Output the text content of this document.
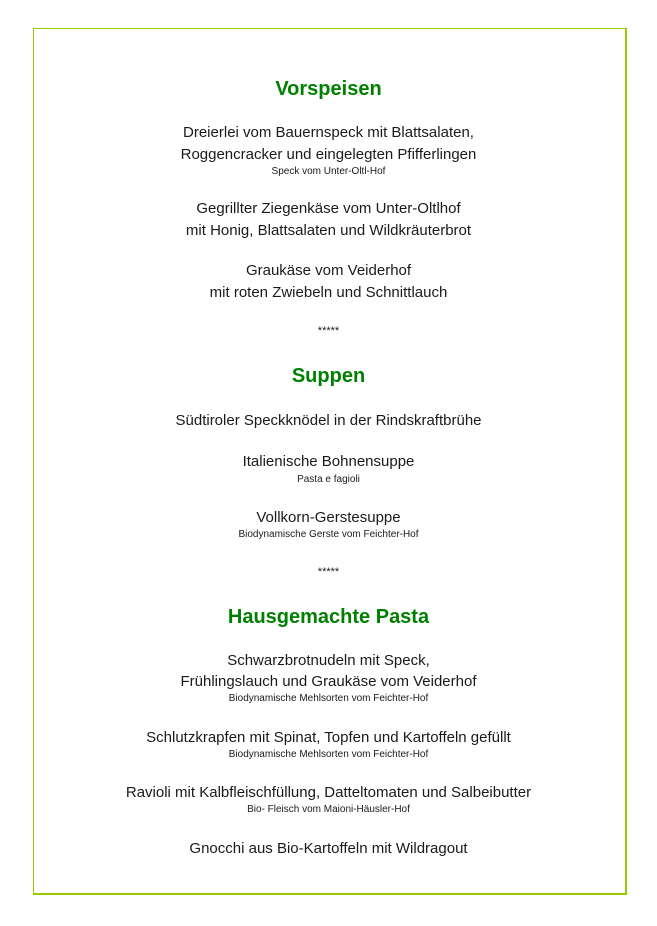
Vorspeisen
Dreierlei vom Bauernspeck mit Blattsalaten,
Roggencracker und eingelegten Pfifferlingen
Speck vom Unter-Oltl-Hof
Gegrillter Ziegenkäse vom Unter-Oltlhof
mit Honig, Blattsalaten und Wildkräuterbrot
Graukäse vom Veiderhof
mit roten Zwiebeln und Schnittlauch
*****
Suppen
Südtiroler Speckknödel in der Rindskraftbrühe
Italienische Bohnensuppe
Pasta e fagioli
Vollkorn-Gerstesuppe
Biodynamische Gerste vom Feichter-Hof
*****
Hausgemachte Pasta
Schwarzbrotnudeln mit Speck,
Frühlingslauch und Graukäse vom Veiderhof
Biodynamische Mehlsorten vom Feichter-Hof
Schlutzkrapfen mit Spinat, Topfen und Kartoffeln gefüllt
Biodynamische Mehlsorten vom Feichter-Hof
Ravioli mit Kalbfleischfüllung, Datteltomaten und Salbeibutter
Bio- Fleisch vom Maioni-Häusler-Hof
Gnocchi aus Bio-Kartoffeln mit Wildragout
